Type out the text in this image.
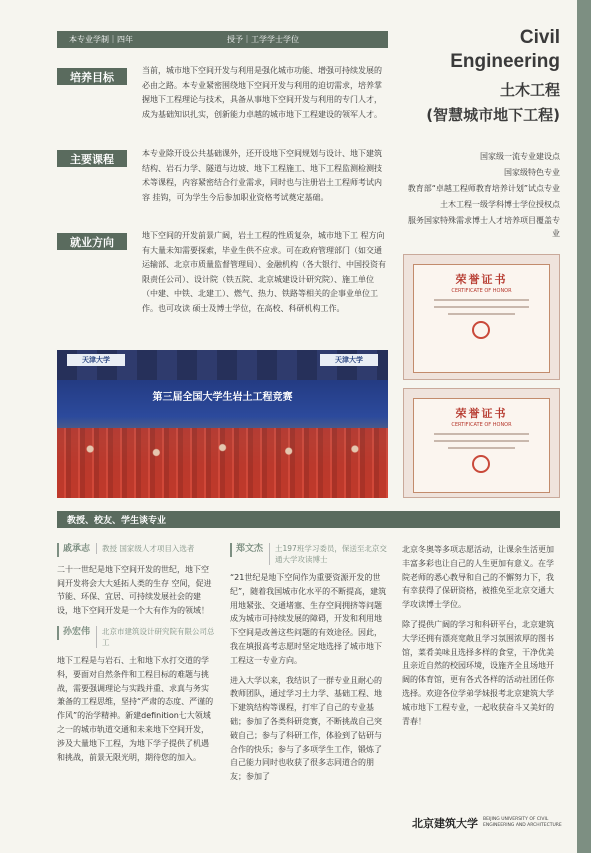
本专业学制｜四年	授予｜工学学士学位
培养目标	当前，城市地下空间开发与利用是强化城市功能、增强可持续发展的必由之路。本专业紧密围绕地下空间开发与利用的迫切需求，培养掌握地下工程理论与技术，具备从事地下空间开发与利用的专门人才，成为基础知识扎实，创新能力卓越的城市地下工程建设的领军人才。
主要课程	本专业除开设公共基础课外，还开设地下空间规划与设计、地下建筑结构、岩石力学、隧道与边坡、地下工程施工、地下工程监测检测技术等课程，内容紧密结合行业需求，同时也与注册岩土工程师考试内容 挂钩，可为学生今后参加职业资格考试奠定基础。
就业方向	地下空间的开发前景广阔，岩土工程的性质复杂，城市地下工 程方向有大量未知需要探索，毕业生供不应求。可在政府管理部门（如交通运输部、北京市质量监督管理局）、金融机构（各大银行、中国投资有限责任公司）、设计院（铁五院、北京城建设计研究院）、施工单位（中建、中铁、北建工）、燃气、热力、铁路等相关的企事业单位工作。也可攻读 硕士及博士学位，在高校、科研机构工作。
Civil
Engineering
土木工程
(智慧城市地下工程)
国家级一流专业建设点
国家级特色专业
教育部“卓越工程师教育培养计划”试点专业
土木工程一级学科博士学位授权点
服务国家特殊需求博士人才培养项目覆盖专业
荣誉证书
CERTIFICATE OF HONOR
荣誉证书
CERTIFICATE OF HONOR
天津大学	天津大学
第三届全国大学生岩土工程竞赛
教授、校友、学生谈专业
戚承志	教授 国家级人才项目入选者
二十一世纪是地下空间开发的世纪，地下空间开发将会大大延拓人类的生存 空间，促进节能、环保、宜居、可持续发展社会的建设，地下空间开发是一个大有作为的领域！
孙宏伟	北京市建筑设计研究院有限公司总工
地下工程是与岩石、土和地下水打交道的学科，要面对自然条件和工程目标的难题与挑战，需要强调理论与实践并重、求真与务实兼备的工程思维，坚持“严肃的态度、严谨的作风”的治学精神。新建definition七大领域之一的城市轨道交通和未来地下空间开发，涉及大量地下工程，为地下学子提供了机遇和挑战，前景无限光明，期待您的加入。
郑文杰	土197班学习委员，保送至北京交通大学攻读博士
“21世纪是地下空间作为重要资源开发的世纪”，随着我国城市化水平的不断提高，建筑用地紧张、交通堵塞、生存空间拥挤等问题成为城市可持续发展的障碍，开发和利用地下空间是改善这些问题的有效途径。因此，我在填报高考志愿时坚定地选择了城市地下工程这一专业方向。
进入大学以来，我结识了一群专业且耐心的教师团队，通过学习土力学、基础工程、地下建筑结构等课程，打牢了自己的专业基础；参加了各类科研竞赛，不断挑战自己突破自己；参与了科研工作，体验到了钻研与合作的快乐；参与了多项学生工作，锻炼了自己能力同时也收获了很多志同道合的朋友；参加了
北京冬奥等多项志愿活动，让课余生活更加丰富多彩也让自己的人生更加有意义。在学院老师的悉心教导和自己的不懈努力下，我有幸获得了保研资格，被推免至北京交通大学攻读博士学位。
除了提供广阔的学习和科研平台，北京建筑大学还拥有漂亮宽敞且学习氛围浓厚的图书馆，菜肴美味且选择多样的食堂，干净优美且亲近自然的校园环境，设施齐全且场地开阔的体育馆，更有各式各样的活动社团任你选择。欢迎各位学弟学妹报考北京建筑大学城市地下工程专业，一起收获奋斗又美好的青春！
北京建筑大学 BEIJING UNIVERSITY OF CIVIL ENGINEERING AND ARCHITECTURE
